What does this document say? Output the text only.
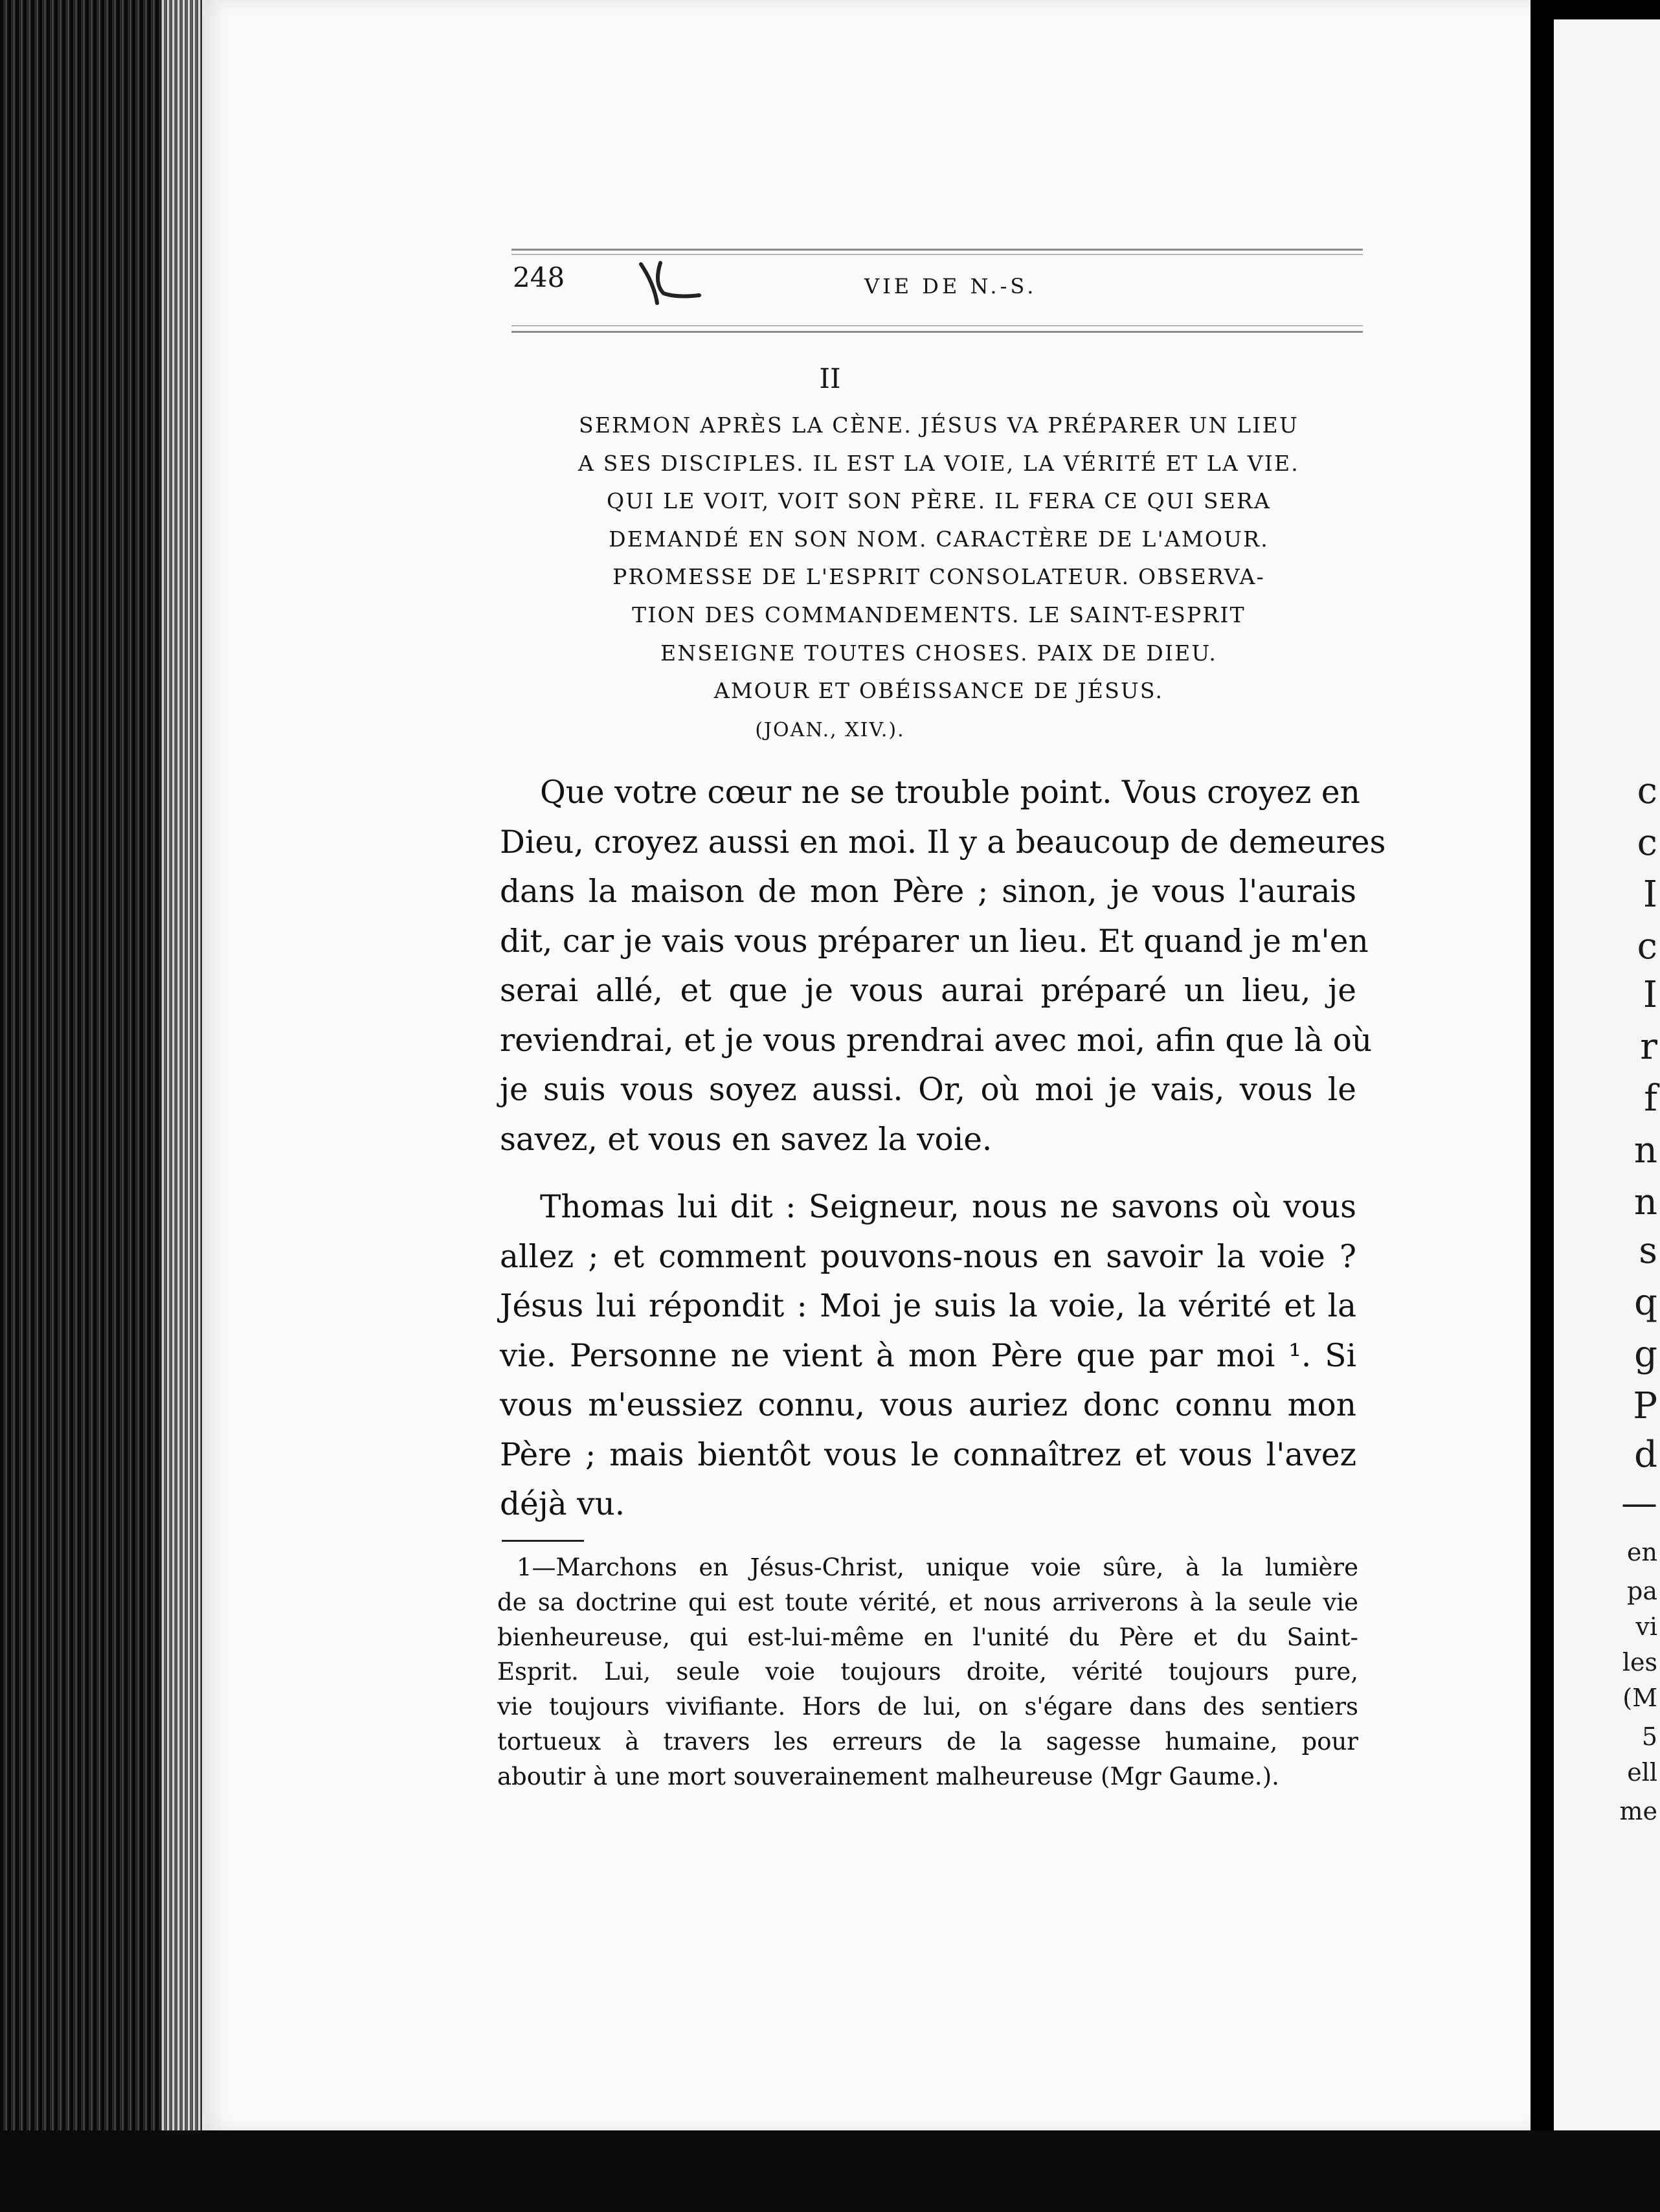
c
c
I
c
I
r
f
n
n
s
q
g
P
d
—
en
pa
vi
les
(M
5
ell
me
248	VIE DE N.-S.
II
SERMON APRÈS LA CÈNE. JÉSUS VA PRÉPARER UN LIEU
A SES DISCIPLES. IL EST LA VOIE, LA VÉRITÉ ET LA VIE.
QUI LE VOIT, VOIT SON PÈRE. IL FERA CE QUI SERA
DEMANDÉ EN SON NOM. CARACTÈRE DE L'AMOUR.
PROMESSE DE L'ESPRIT CONSOLATEUR. OBSERVA-
TION DES COMMANDEMENTS. LE SAINT-ESPRIT
ENSEIGNE TOUTES CHOSES. PAIX DE DIEU.
AMOUR ET OBÉISSANCE DE JÉSUS.
(JOAN., XIV.).
Que votre cœur ne se trouble point. Vous croyez en
Dieu, croyez aussi en moi. Il y a beaucoup de demeures
dans la maison de mon Père ; sinon, je vous l'aurais
dit, car je vais vous préparer un lieu. Et quand je m'en
serai allé, et que je vous aurai préparé un lieu, je
reviendrai, et je vous prendrai avec moi, afin que là où
je suis vous soyez aussi. Or, où moi je vais, vous le
savez, et vous en savez la voie.
Thomas lui dit : Seigneur, nous ne savons où vous
allez ; et comment pouvons-nous en savoir la voie ?
Jésus lui répondit : Moi je suis la voie, la vérité et la
vie. Personne ne vient à mon Père que par moi ¹. Si
vous m'eussiez connu, vous auriez donc connu mon
Père ; mais bientôt vous le connaîtrez et vous l'avez
déjà vu.
1—Marchons en Jésus-Christ, unique voie sûre, à la lumière
de sa doctrine qui est toute vérité, et nous arriverons à la seule vie
bienheureuse, qui est-lui-même en l'unité du Père et du Saint-
Esprit. Lui, seule voie toujours droite, vérité toujours pure,
vie toujours vivifiante. Hors de lui, on s'égare dans des sentiers
tortueux à travers les erreurs de la sagesse humaine, pour
aboutir à une mort souverainement malheureuse (Mgr Gaume.).
